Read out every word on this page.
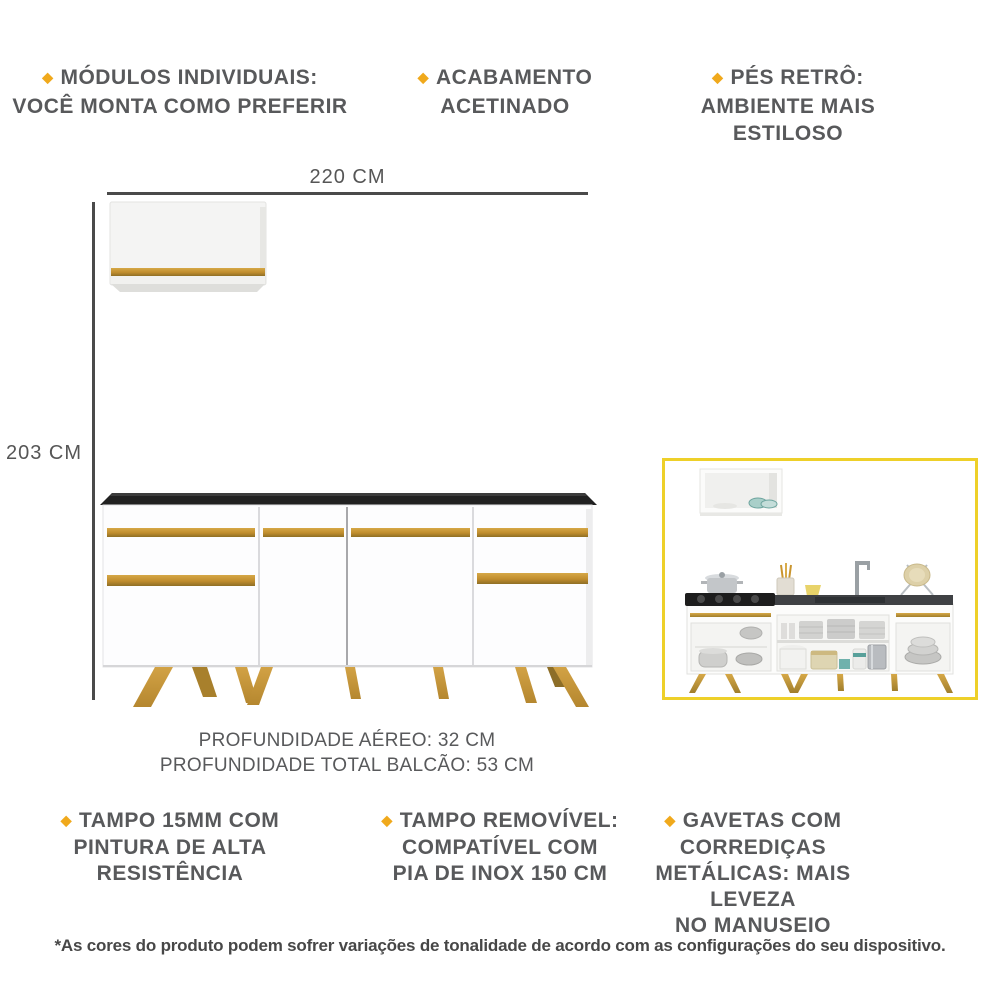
◆ MÓDULOS INDIVIDUAIS:
VOCÊ MONTA COMO PREFERIR
◆ ACABAMENTO
ACETINADO
◆ PÉS RETRÔ:
AMBIENTE MAIS ESTILOSO
220 CM
203 CM
PROFUNDIDADE AÉREO: 32 CM
PROFUNDIDADE TOTAL BALCÃO: 53 CM
◆ TAMPO 15MM COM
PINTURA DE ALTA
RESISTÊNCIA
◆ TAMPO REMOVÍVEL:
COMPATÍVEL COM
PIA DE INOX 150 CM
◆ GAVETAS COM CORREDIÇAS
METÁLICAS: MAIS LEVEZA
NO MANUSEIO
*As cores do produto podem sofrer variações de tonalidade de acordo com as configurações do seu dispositivo.
